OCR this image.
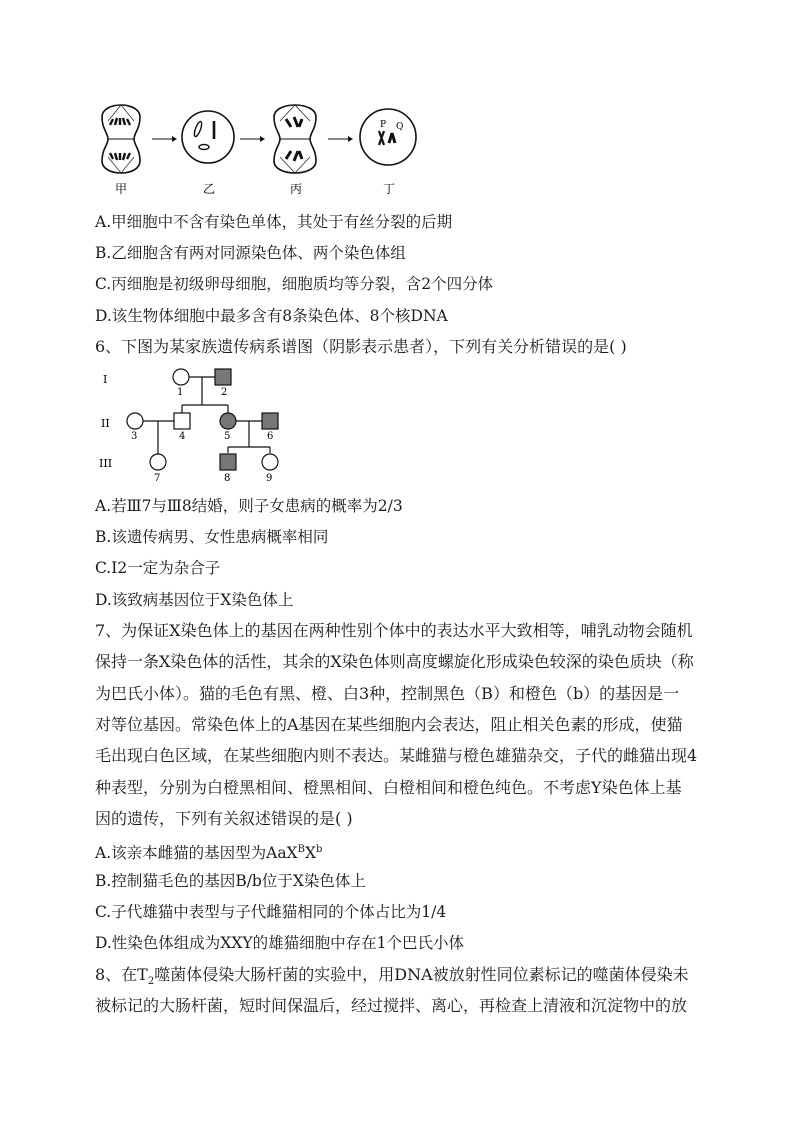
P Q
甲	乙	丙	丁
A.甲细胞中不含有染色单体，其处于有丝分裂的后期
B.乙细胞含有两对同源染色体、两个染色体组
C.丙细胞是初级卵母细胞，细胞质均等分裂，含2个四分体
D.该生物体细胞中最多含有8条染色体、8个核DNA
6、下图为某家族遗传病系谱图（阴影表示患者），下列有关分析错误的是( )
I
II
III
1	2
3	4	5	6
7	8	9
A.若Ⅲ7与Ⅲ8结婚，则子女患病的概率为2/3
B.该遗传病男、女性患病概率相同
C.Ⅰ2一定为杂合子
D.该致病基因位于X染色体上
7、为保证X染色体上的基因在两种性别个体中的表达水平大致相等，哺乳动物会随机
保持一条X染色体的活性，其余的X染色体则高度螺旋化形成染色较深的染色质块（称
为巴氏小体）。猫的毛色有黑、橙、白3种，控制黑色（B）和橙色（b）的基因是一
对等位基因。常染色体上的A基因在某些细胞内会表达，阻止相关色素的形成，使猫
毛出现白色区域，在某些细胞内则不表达。某雌猫与橙色雄猫杂交，子代的雌猫出现4
种表型，分别为白橙黑相间、橙黑相间、白橙相间和橙色纯色。不考虑Y染色体上基
因的遗传，下列有关叙述错误的是( )
A.该亲本雌猫的基因型为$AaX^BX^b$
B.控制猫毛色的基因B/b位于X染色体上
C.子代雄猫中表型与子代雌猫相同的个体占比为1/4
D.性染色体组成为XXY的雄猫细胞中存在1个巴氏小体
8、在$T_2$噬菌体侵染大肠杆菌的实验中，用DNA被放射性同位素标记的噬菌体侵染未
被标记的大肠杆菌，短时间保温后，经过搅拌、离心，再检查上清液和沉淀物中的放
